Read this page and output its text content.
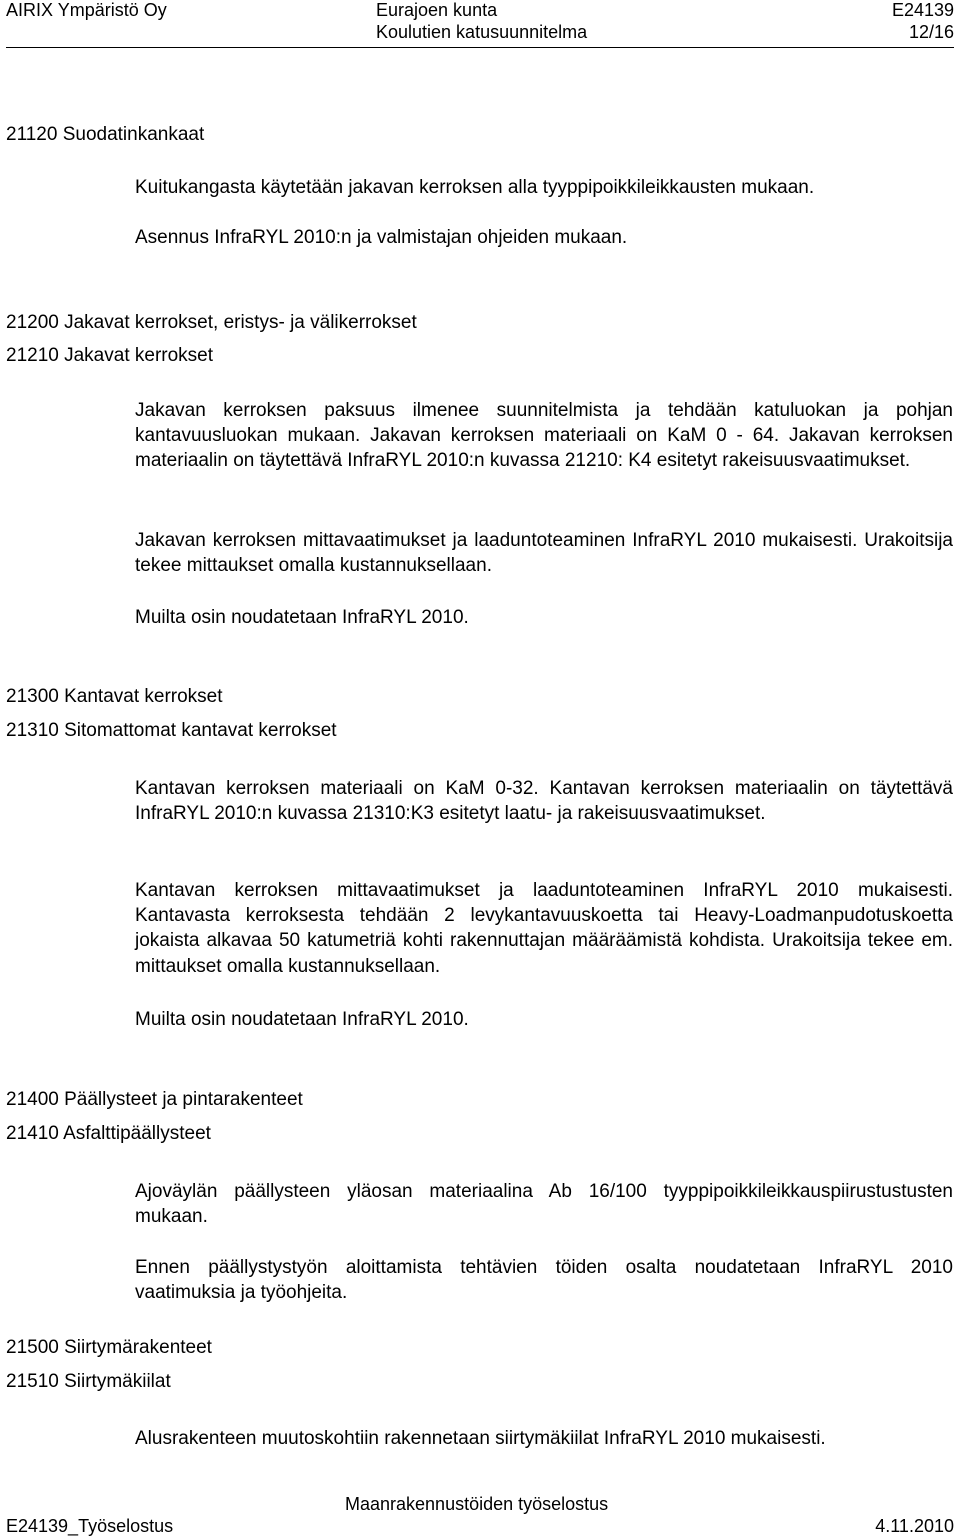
AIRIX Ympäristö Oy	Eurajoen kunta	E24139
Koulutien katusuunnitelma	12/16
21120 Suodatinkankaat

Kuitukangasta käytetään jakavan kerroksen alla tyyppipoikkileikkausten mukaan.

Asennus InfraRYL 2010:n ja valmistajan ohjeiden mukaan.

21200 Jakavat kerrokset, eristys- ja välikerrokset
21210 Jakavat kerrokset

Jakavan kerroksen paksuus ilmenee suunnitelmista ja tehdään katuluokan ja pohjan kantavuusluokan mukaan. Jakavan kerroksen materiaali on KaM 0 - 64. Jakavan kerroksen materiaalin on täytettävä InfraRYL 2010:n kuvassa 21210: K4 esitetyt rakeisuusvaatimukset.

Jakavan kerroksen mittavaatimukset ja laaduntoteaminen InfraRYL 2010 mukaisesti. Urakoitsija tekee mittaukset omalla kustannuksellaan.

Muilta osin noudatetaan InfraRYL 2010.

21300 Kantavat kerrokset
21310 Sitomattomat kantavat kerrokset

Kantavan kerroksen materiaali on KaM 0-32. Kantavan kerroksen materiaalin on täytettävä InfraRYL 2010:n kuvassa 21310:K3 esitetyt laatu- ja rakeisuusvaatimukset.

Kantavan kerroksen mittavaatimukset ja laaduntoteaminen InfraRYL 2010 mukaisesti. Kantavasta kerroksesta tehdään 2 levykantavuuskoetta tai Heavy-Loadmanpudotuskoetta jokaista alkavaa 50 katumetriä kohti rakennuttajan määräämistä kohdista. Urakoitsija tekee em. mittaukset omalla kustannuksellaan.

Muilta osin noudatetaan InfraRYL 2010.

21400 Päällysteet ja pintarakenteet
21410 Asfalttipäällysteet

Ajoväylän päällysteen yläosan materiaalina Ab 16/100 tyyppipoikkileikkauspiirustustusten mukaan.

Ennen päällystystyön aloittamista tehtävien töiden osalta noudatetaan InfraRYL 2010 vaatimuksia ja työohjeita.

21500 Siirtymärakenteet
21510 Siirtymäkiilat

Alusrakenteen muutoskohtiin rakennetaan siirtymäkiilat InfraRYL 2010 mukaisesti.

Maanrakennustöiden työselostus
E24139_Työselostus	4.11.2010
